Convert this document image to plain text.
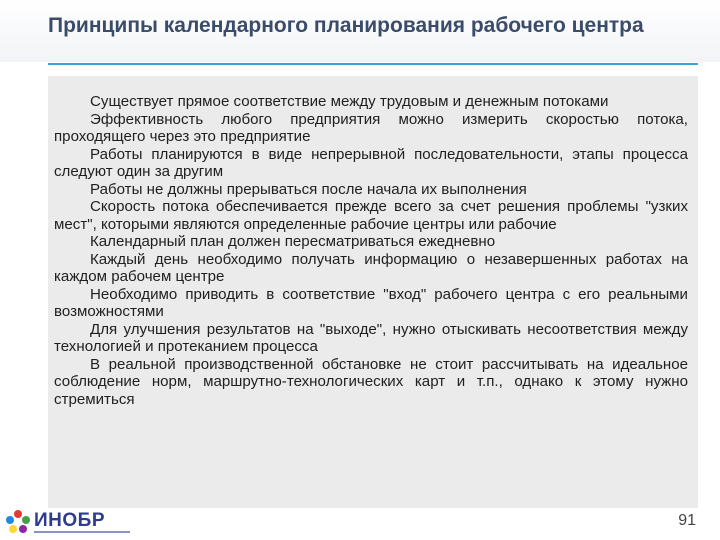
Принципы календарного планирования рабочего центра
Существует прямое соответствие между трудовым и денежным потоками
Эффективность любого предприятия можно измерить скоростью потока, проходящего через это предприятие
Работы планируются в виде непрерывной последовательности, этапы процесса следуют один за другим
Работы не должны прерываться после начала их выполнения
Скорость потока обеспечивается прежде всего за счет решения проблемы "узких мест", которыми являются определенные рабочие центры или рабочие
Календарный план должен пересматриваться ежедневно
Каждый день необходимо получать информацию о незавершенных работах на каждом рабочем центре
Необходимо приводить в соответствие "вход" рабочего центра с его реальными возможностями
Для улучшения результатов на "выходе", нужно отыскивать несоответствия между технологией и протеканием процесса
В реальной производственной обстановке не стоит рассчитывать на идеальное соблюдение норм, маршрутно-технологических карт и т.п., однако к этому нужно стремиться
ИНОБР	91
